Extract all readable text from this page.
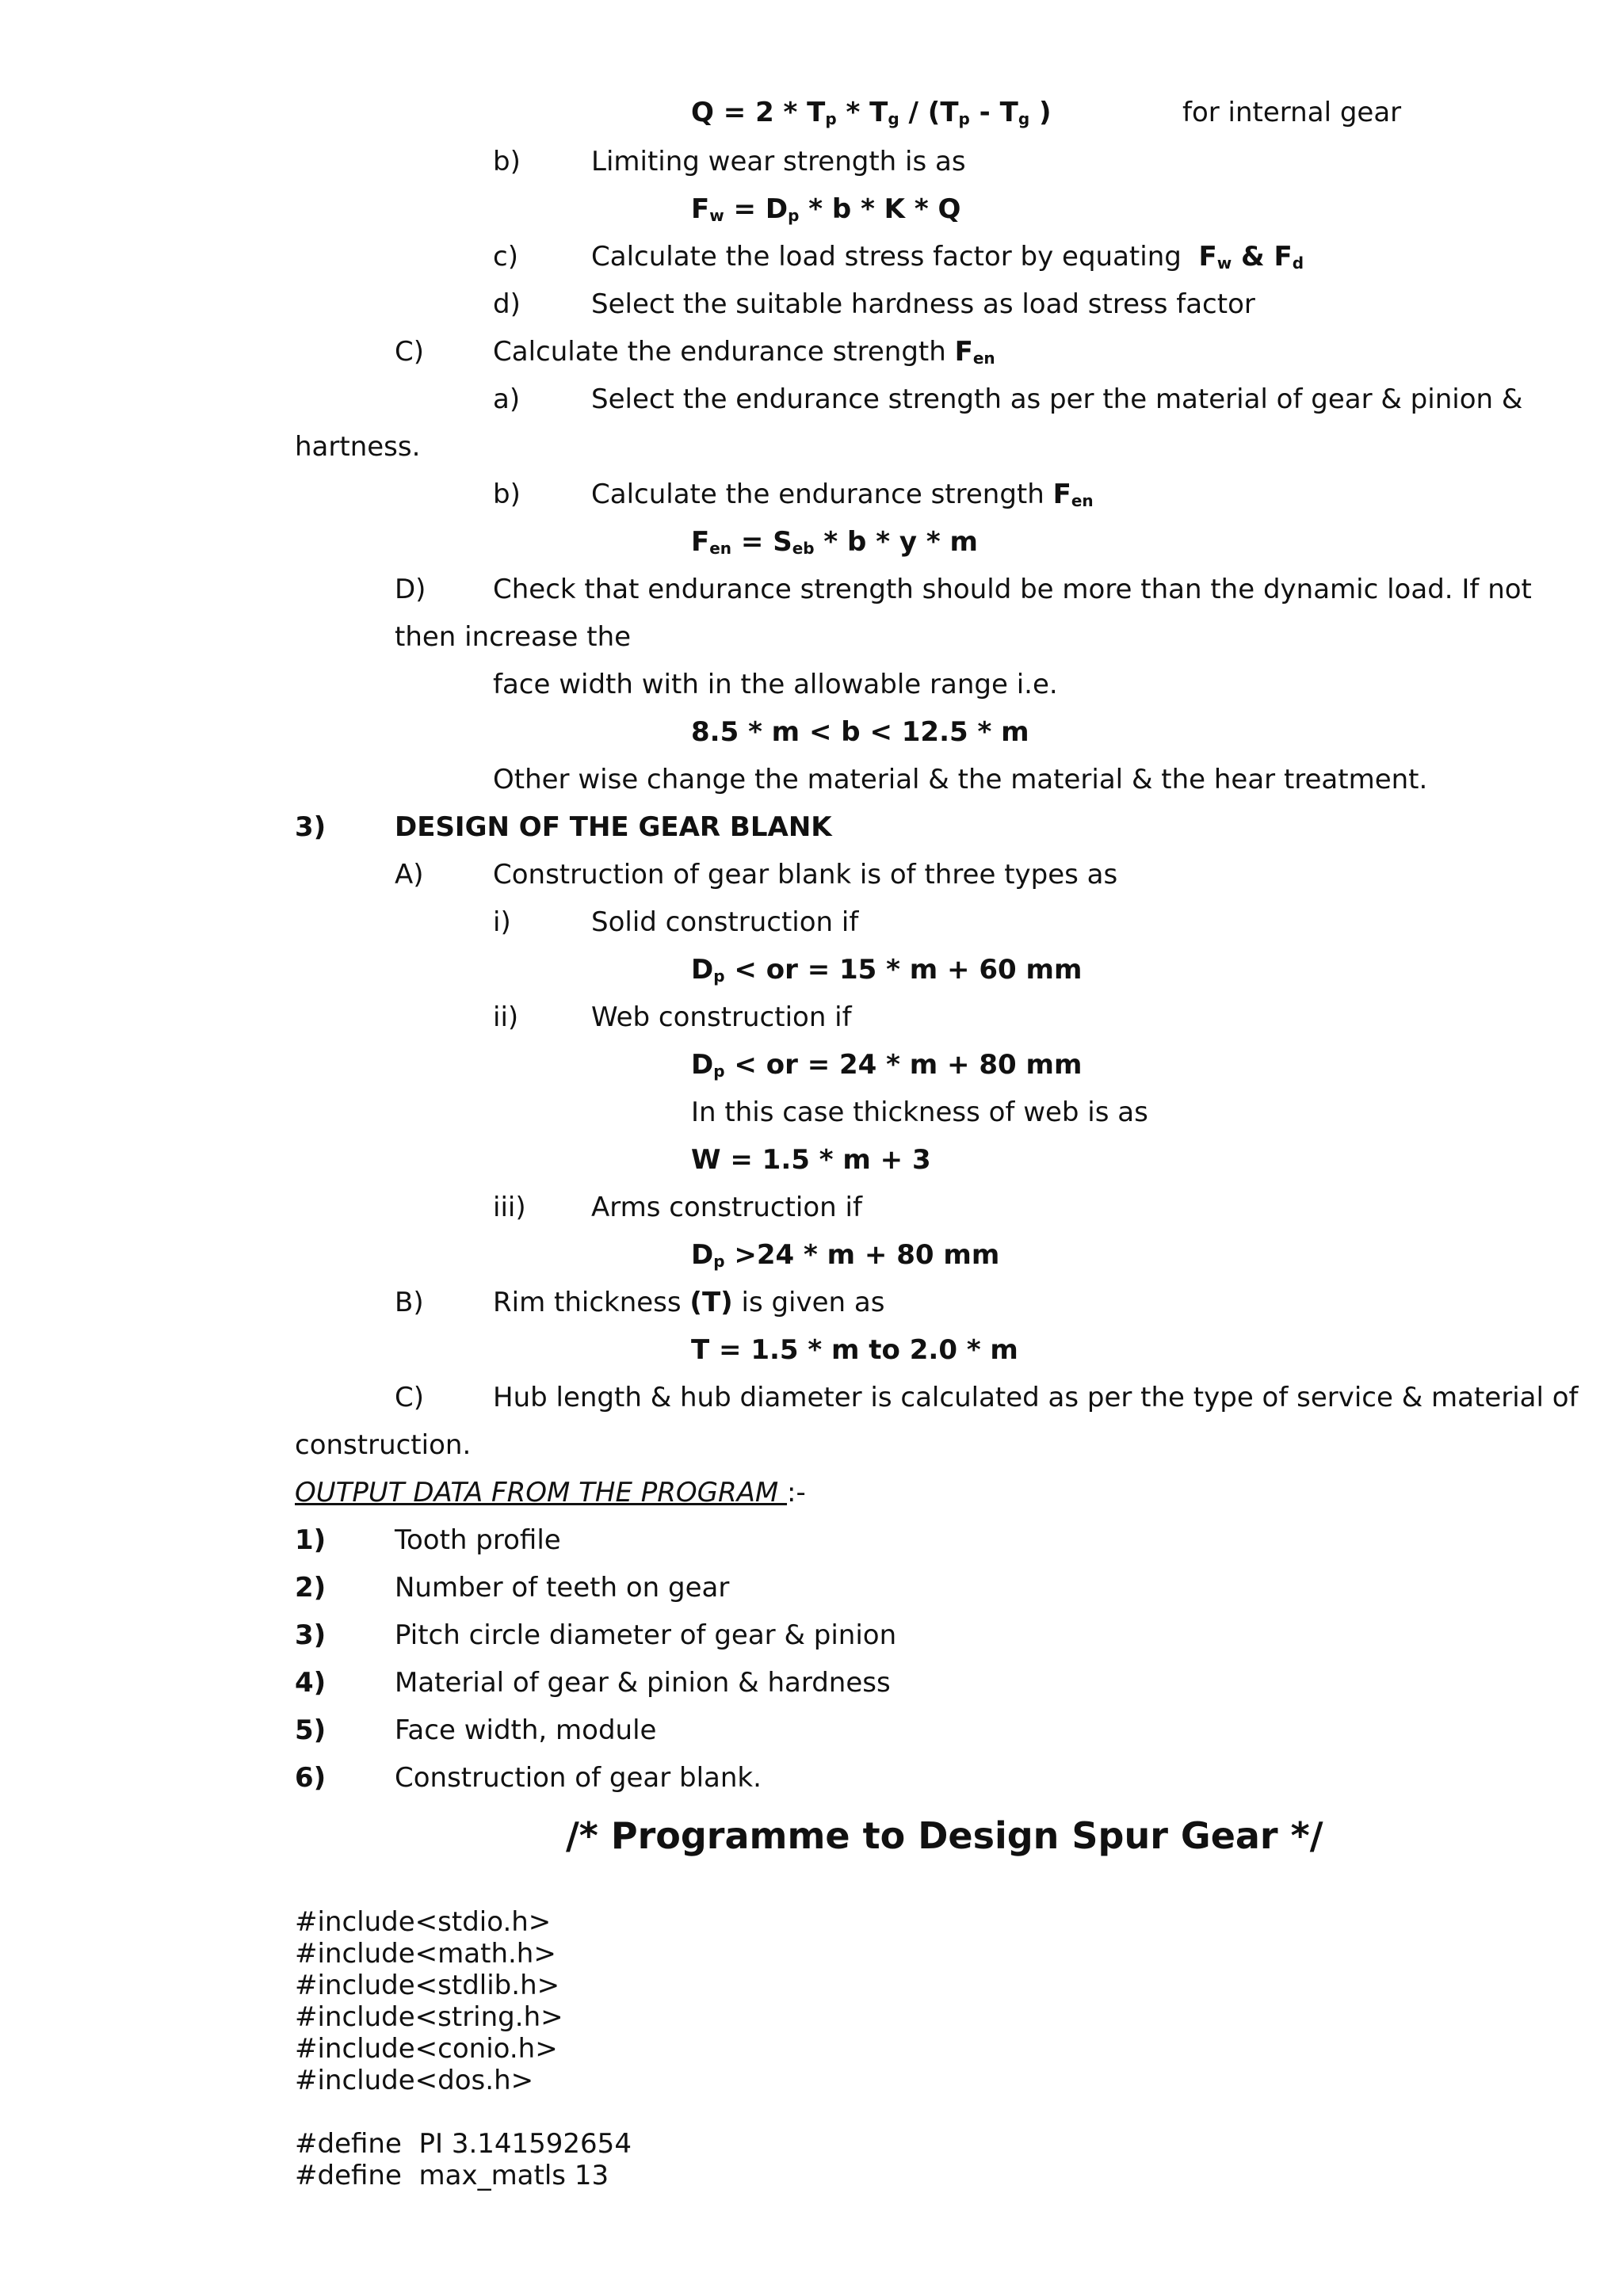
$Q = 2 * T_p * T_g / (T_p - T_g$ )	for internal gear
b)	Limiting wear strength is as
$F_w = D_p * b * K * Q$
c)	Calculate the load stress factor by equating  $F_w$ & $F_d$
d)	Select the suitable hardness as load stress factor
C)	Calculate the endurance strength $F_{en}$
a)	Select the endurance strength as per the material of gear & pinion &
hartness.
b)	Calculate the endurance strength $F_{en}$
$F_{en} = S_{eb} * b * y * m$
D) Check that endurance strength should be more than the dynamic load. If not
then increase the
face width with in the allowable range i.e.
8.5 * m < b < 12.5 * m
Other wise change the material & the material & the hear treatment.
3)	DESIGN OF THE GEAR BLANK
A)	Construction of gear blank is of three types as
i)	Solid construction if
$D_p$ < or = 15 * m + 60 mm
ii)	Web construction if
$D_p$ < or = 24 * m + 80 mm
In this case thickness of web is as
W = 1.5 * m + 3
iii) Arms construction if
$D_p >24 * m + 80$ mm
B)	Rim thickness (T) is given as
T = 1.5 * m to 2.0 * m
C)	Hub length & hub diameter is calculated as per the type of service & material of
construction.
OUTPUT DATA FROM THE PROGRAM :-
1)	Tooth profile
2)	Number of teeth on gear
3)	Pitch circle diameter of gear & pinion
4)	Material of gear & pinion & hardness
5)	Face width, module
6)	Construction of gear blank.
/* Programme to Design Spur Gear */
#include<stdio.h>
#include<math.h>
#include<stdlib.h>
#include<string.h>
#include<conio.h>
#include<dos.h>
#define  PI 3.141592654
#define  max_matls 13
